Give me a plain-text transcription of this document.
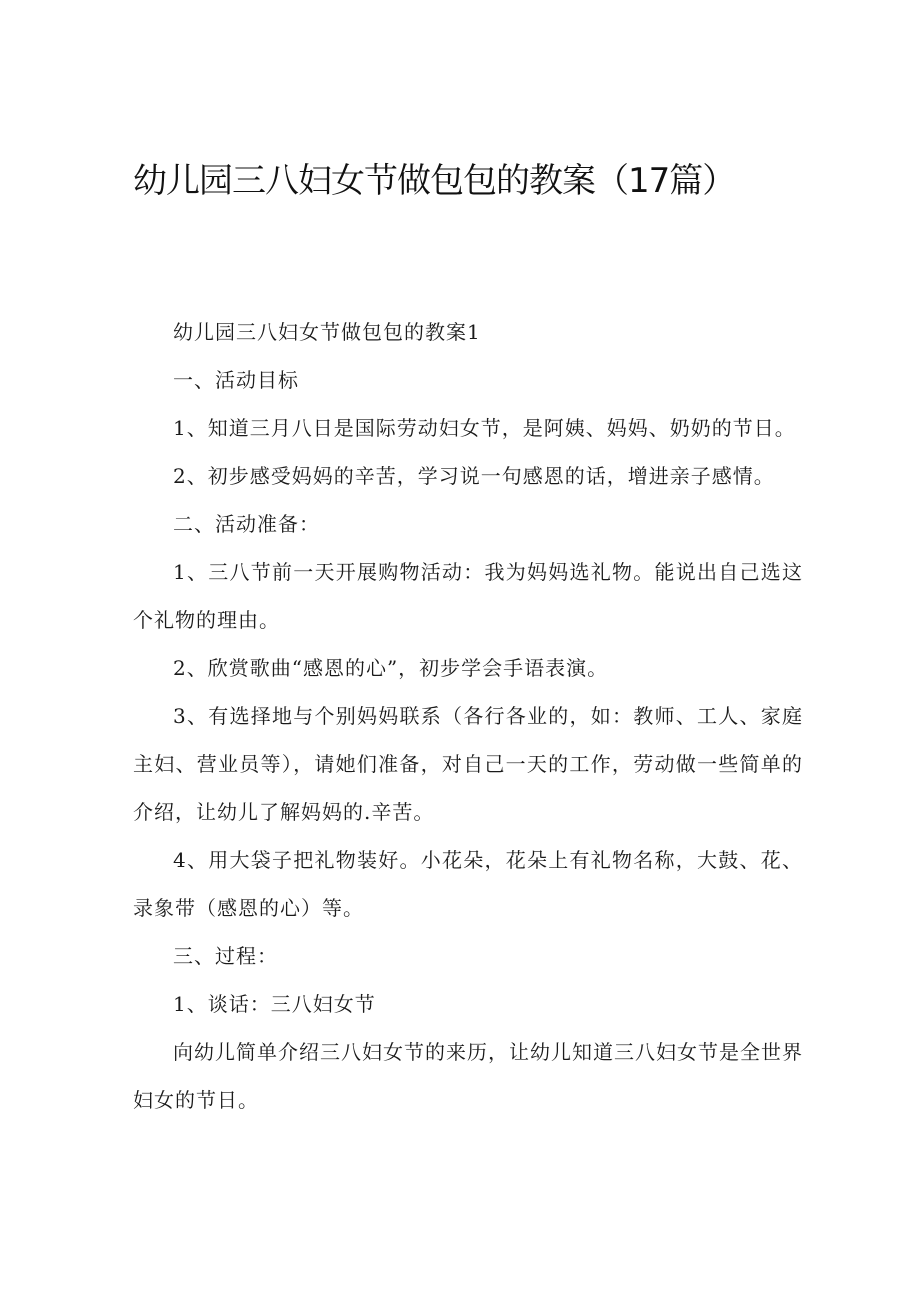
幼儿园三八妇女节做包包的教案（17篇）

幼儿园三八妇女节做包包的教案1

一、活动目标

1、知道三月八日是国际劳动妇女节，是阿姨、妈妈、奶奶的节日。

2、初步感受妈妈的辛苦，学习说一句感恩的话，增进亲子感情。

二、活动准备：

1、三八节前一天开展购物活动：我为妈妈选礼物。能说出自己选这个礼物的理由。

2、欣赏歌曲“感恩的心”，初步学会手语表演。

3、有选择地与个别妈妈联系（各行各业的，如：教师、工人、家庭主妇、营业员等），请她们准备，对自己一天的工作，劳动做一些简单的介绍，让幼儿了解妈妈的.辛苦。

4、用大袋子把礼物装好。小花朵，花朵上有礼物名称，大鼓、花、录象带（感恩的心）等。

三、过程：

1、谈话：三八妇女节

向幼儿简单介绍三八妇女节的来历，让幼儿知道三八妇女节是全世界妇女的节日。
